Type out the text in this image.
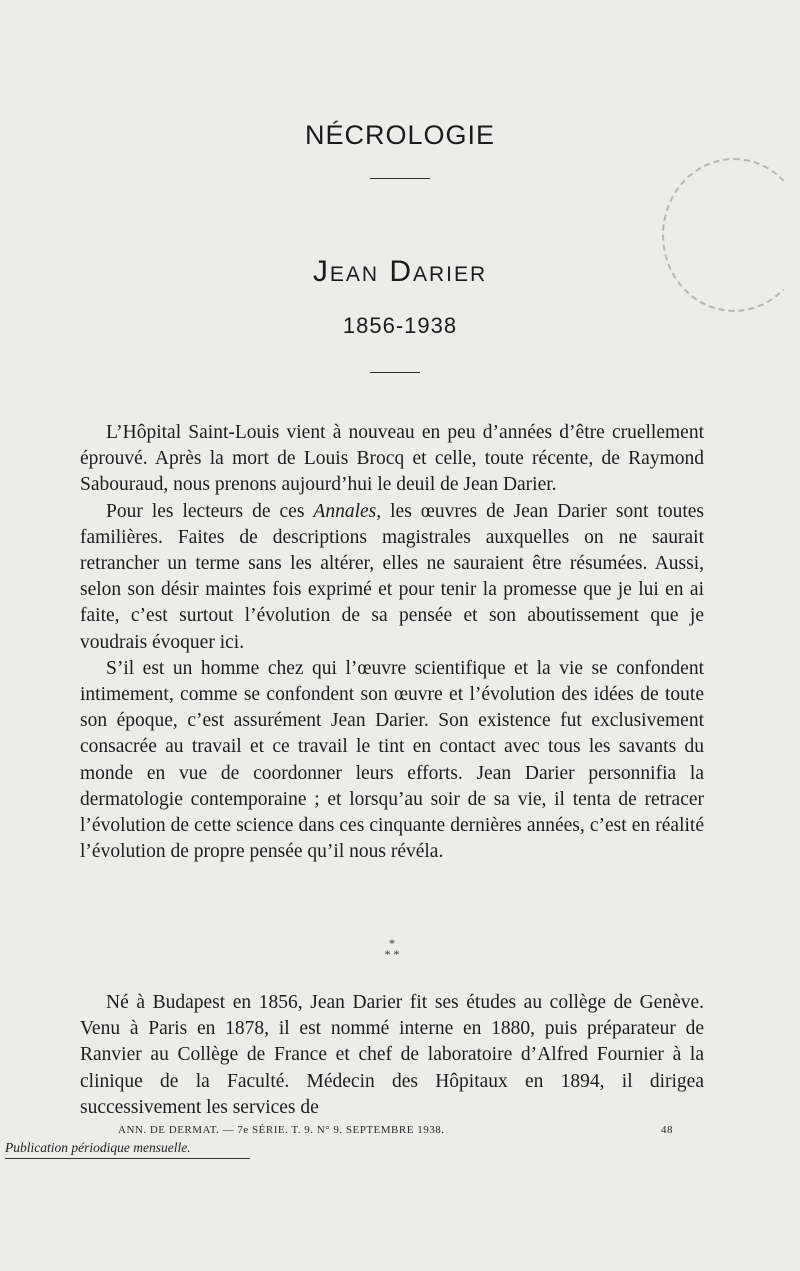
NÉCROLOGIE
Jean Darier
1856-1938

L’Hôpital Saint-Louis vient à nouveau en peu d’années d’être cruellement éprouvé. Après la mort de Louis Brocq et celle, toute récente, de Raymond Sabouraud, nous prenons aujourd’hui le deuil de Jean Darier.

Pour les lecteurs de ces Annales, les œuvres de Jean Darier sont toutes familières. Faites de descriptions magistrales auxquelles on ne saurait retrancher un terme sans les altérer, elles ne sauraient être résumées. Aussi, selon son désir maintes fois exprimé et pour tenir la promesse que je lui en ai faite, c’est surtout l’évolution de sa pensée et son aboutissement que je voudrais évoquer ici.

S’il est un homme chez qui l’œuvre scientifique et la vie se confondent intimement, comme se confondent son œuvre et l’évolution des idées de toute son époque, c’est assurément Jean Darier. Son existence fut exclusivement consacrée au travail et ce travail le tint en contact avec tous les savants du monde en vue de coordonner leurs efforts. Jean Darier personnifia la dermatologie contemporaine ; et lorsqu’au soir de sa vie, il tenta de retracer l’évolution de cette science dans ces cinquante dernières années, c’est en réalité l’évolution de propre pensée qu’il nous révéla.

*
* *

Né à Budapest en 1856, Jean Darier fit ses études au collège de Genève. Venu à Paris en 1878, il est nommé interne en 1880, puis préparateur de Ranvier au Collège de France et chef de laboratoire d’Alfred Fournier à la clinique de la Faculté. Médecin des Hôpitaux en 1894, il dirigea successivement les services de

ANN. DE DERMAT. — 7e SÉRIE. T. 9. N° 9. SEPTEMBRE 1938.	48
Publication périodique mensuelle.
